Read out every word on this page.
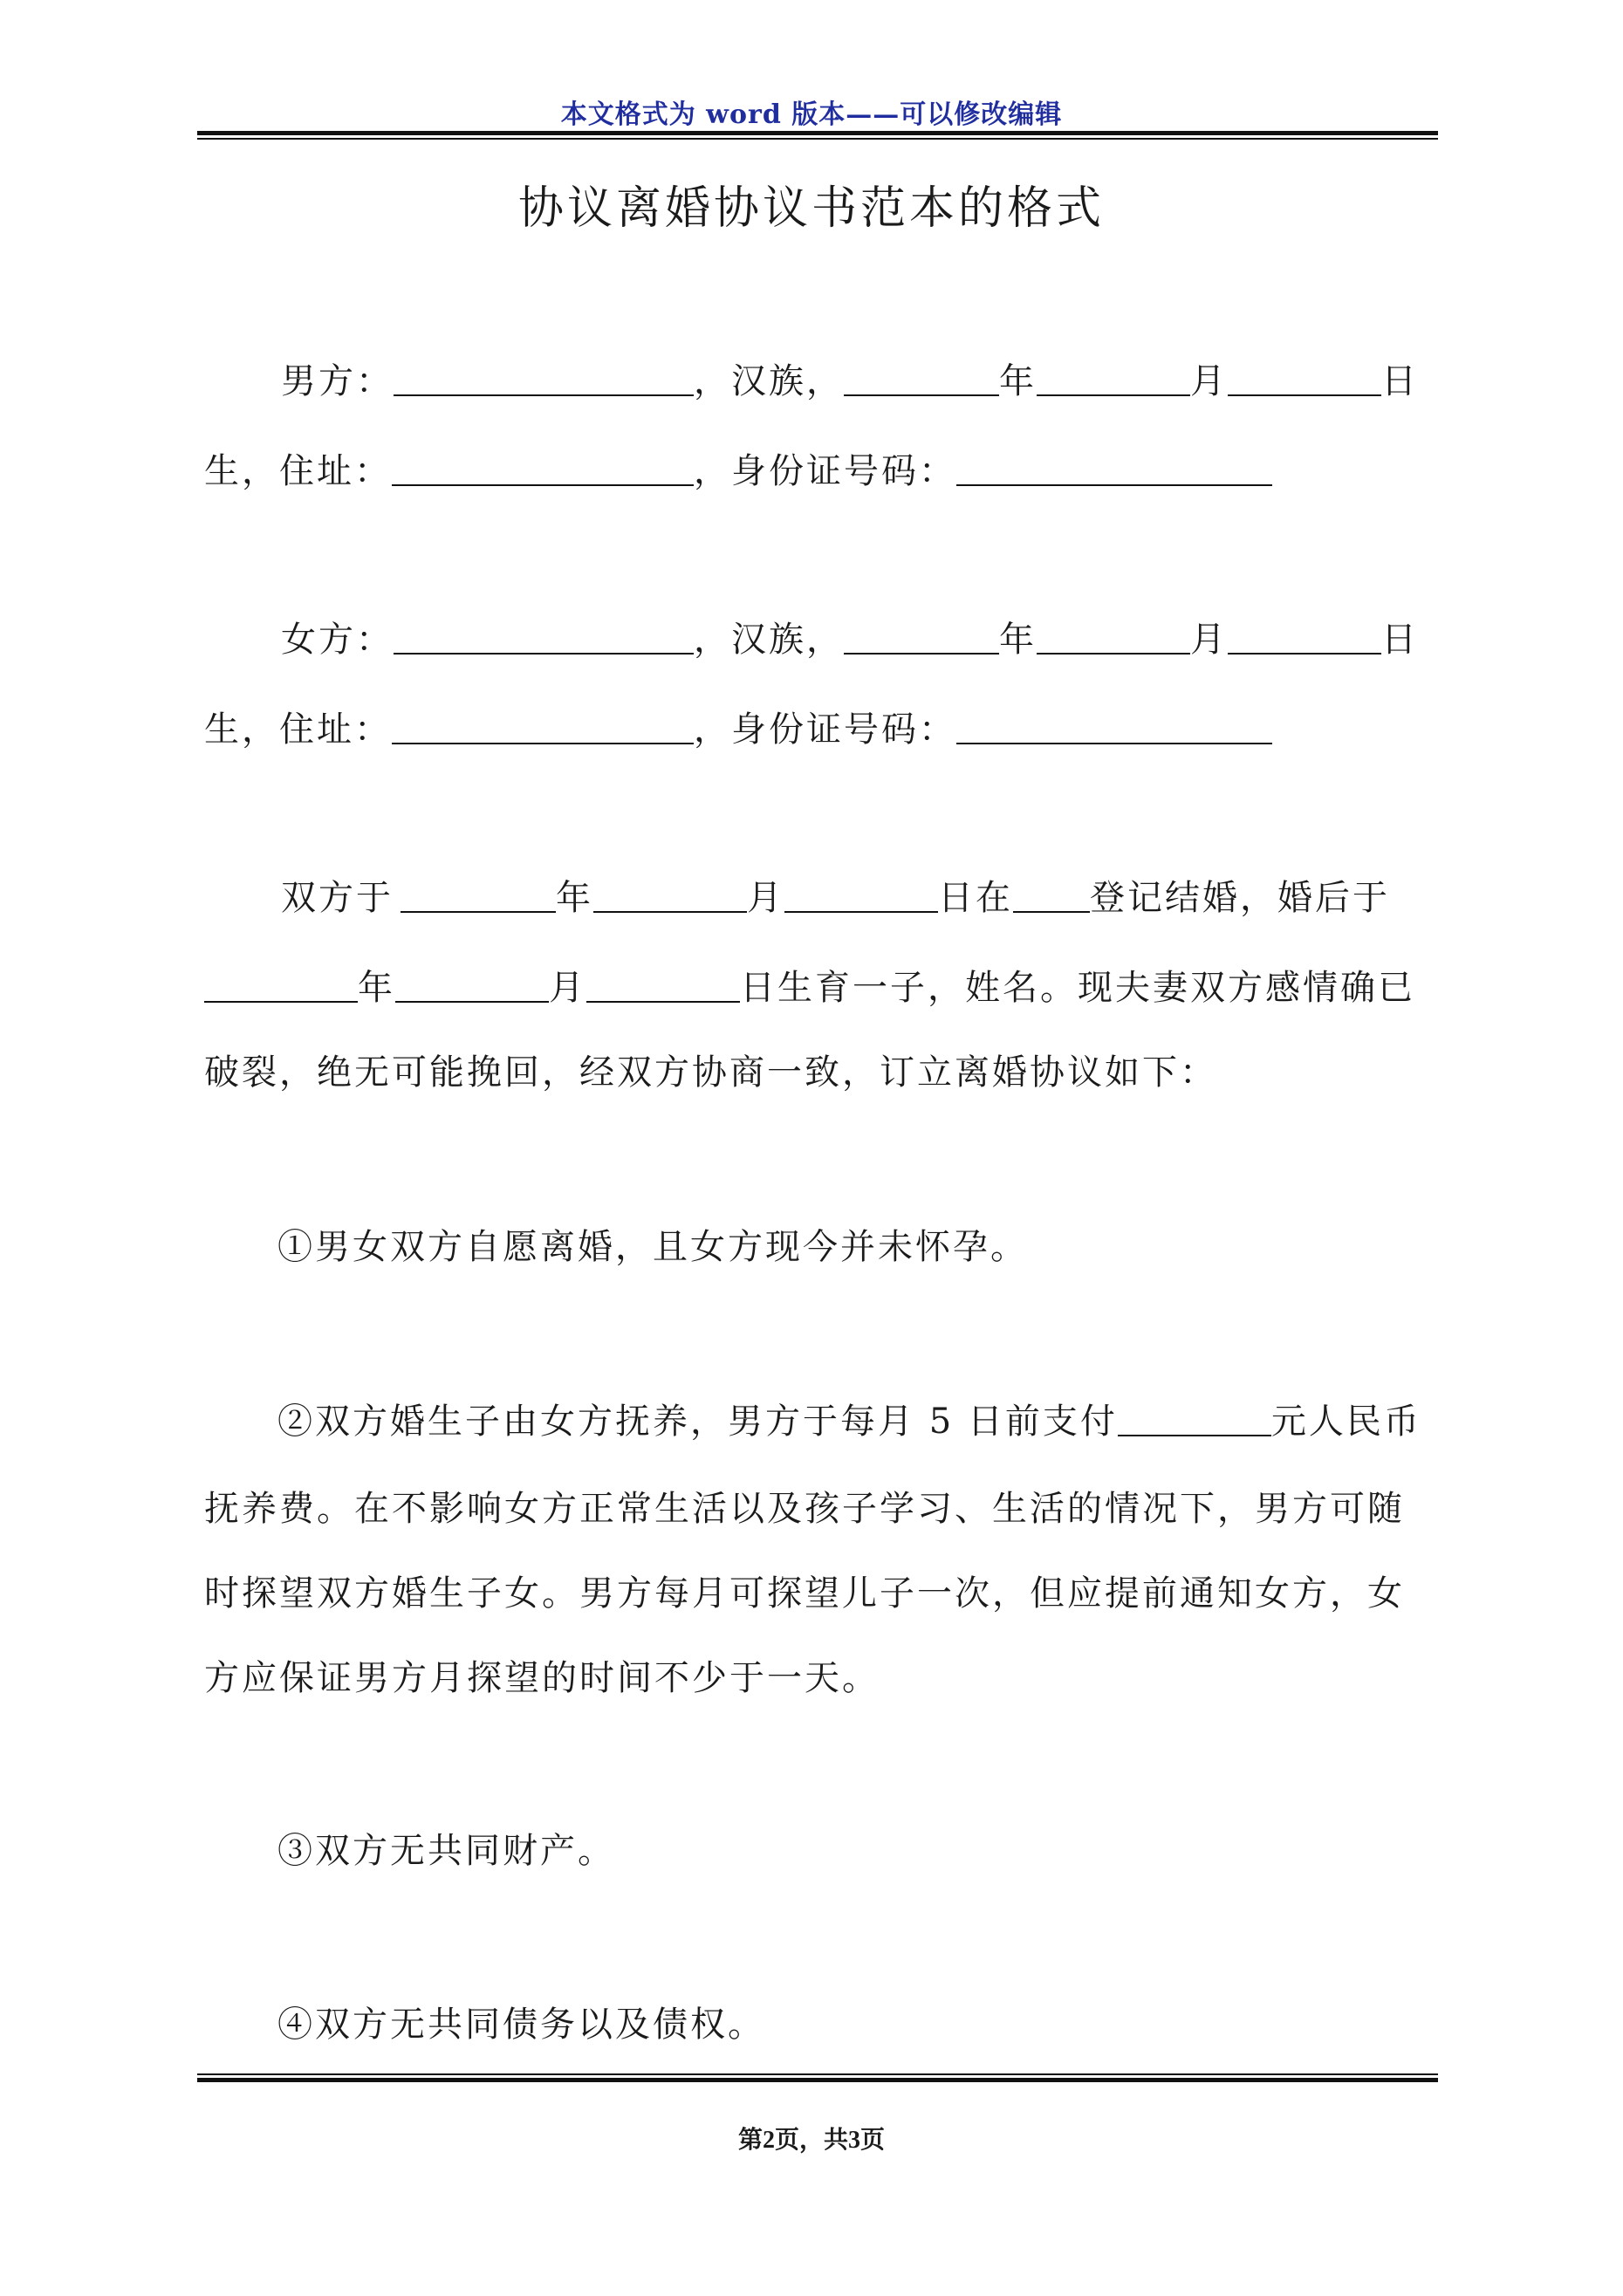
本文格式为 word 版本——可以修改编辑
协议离婚协议书范本的格式
男方：	，汉族，	年	月	日
生，住址：	，身份证号码：
女方：	，汉族，	年	月	日
生，住址：	，身份证号码：
双方于	年	月	日在 登记结婚，婚后于
年	月	日生育一子，姓名。现夫妻双方感情确已
破裂，绝无可能挽回，经双方协商一致，订立离婚协议如下：
①男女双方自愿离婚，且女方现今并未怀孕。
②双方婚生子由女方抚养，男方于每月 5 日前支付	元人民币
抚养费。在不影响女方正常生活以及孩子学习、生活的情况下，男方可随
时探望双方婚生子女。男方每月可探望儿子一次，但应提前通知女方，女
方应保证男方月探望的时间不少于一天。
③双方无共同财产。
④双方无共同债务以及债权。
第2页，共3页
